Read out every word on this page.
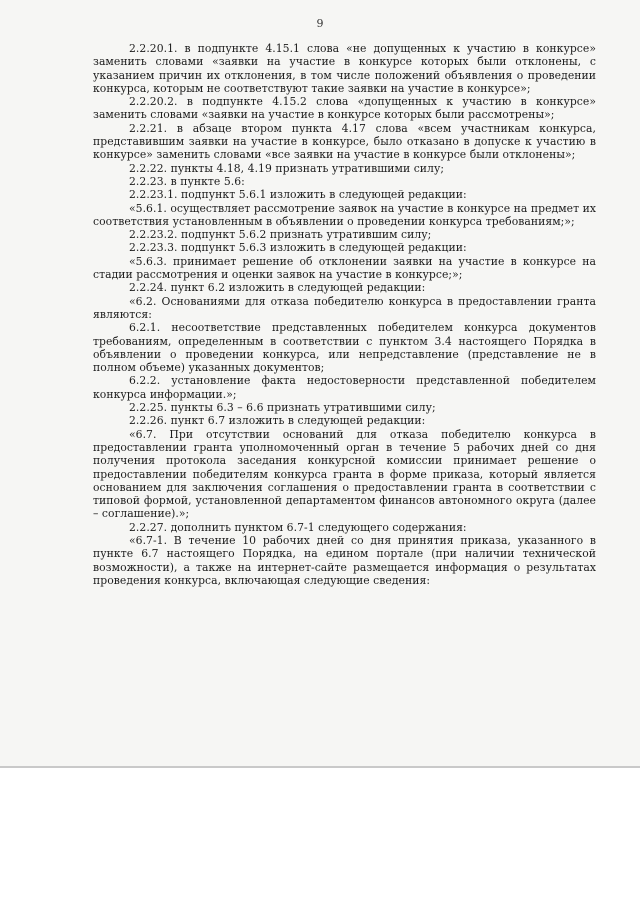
9

2.2.20.1. в подпункте 4.15.1 слова «не допущенных к участию в конкурсе» заменить словами «заявки на участие в конкурсе которых были отклонены, с указанием причин их отклонения, в том числе положений объявления о проведении конкурса, которым не соответствуют такие заявки на участие в конкурсе»;

2.2.20.2. в подпункте 4.15.2 слова «допущенных к участию в конкурсе» заменить словами «заявки на участие в конкурсе которых были рассмотрены»;

2.2.21. в абзаце втором пункта 4.17 слова «всем участникам конкурса, представившим заявки на участие в конкурсе, было отказано в допуске к участию в конкурсе» заменить словами «все заявки на участие в конкурсе были отклонены»;

2.2.22. пункты 4.18, 4.19 признать утратившими силу;

2.2.23. в пункте 5.6:

2.2.23.1. подпункт 5.6.1 изложить в следующей редакции:

«5.6.1. осуществляет рассмотрение заявок на участие в конкурсе на предмет их соответствия установленным в объявлении о проведении конкурса требованиям;»;

2.2.23.2. подпункт 5.6.2 признать утратившим силу;

2.2.23.3. подпункт 5.6.3 изложить в следующей редакции:

«5.6.3. принимает решение об отклонении заявки на участие в конкурсе на стадии рассмотрения и оценки заявок на участие в конкурсе;»;

2.2.24. пункт 6.2 изложить в следующей редакции:

«6.2. Основаниями для отказа победителю конкурса в предоставлении гранта являются:

6.2.1. несоответствие представленных победителем конкурса документов требованиям, определенным в соответствии с пунктом 3.4 настоящего Порядка в объявлении о проведении конкурса, или непредставление (представление не в полном объеме) указанных документов;

6.2.2. установление факта недостоверности представленной победителем конкурса информации.»;

2.2.25. пункты 6.3 – 6.6 признать утратившими силу;

2.2.26. пункт 6.7 изложить в следующей редакции:

«6.7. При отсутствии оснований для отказа победителю конкурса в предоставлении гранта уполномоченный орган в течение 5 рабочих дней со дня получения протокола заседания конкурсной комиссии принимает решение о предоставлении победителям конкурса гранта в форме приказа, который является основанием для заключения соглашения о предоставлении гранта в соответствии с типовой формой, установленной департаментом финансов автономного округа (далее – соглашение).»;

2.2.27. дополнить пунктом 6.7-1 следующего содержания:

«6.7-1. В течение 10 рабочих дней со дня принятия приказа, указанного в пункте 6.7 настоящего Порядка, на едином портале (при наличии технической возможности), а также на интернет-сайте размещается информация о результатах проведения конкурса, включающая следующие сведения:
